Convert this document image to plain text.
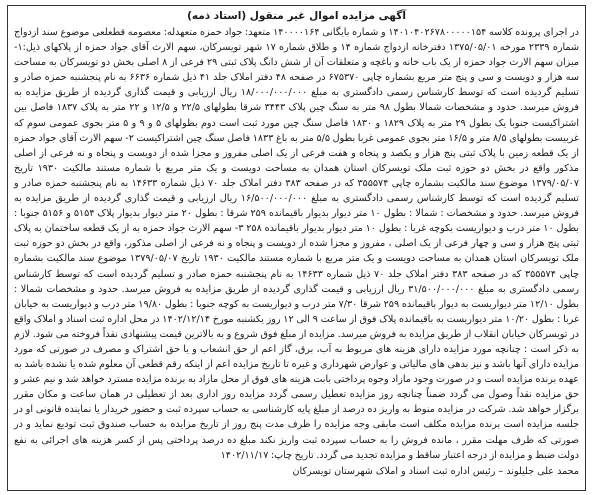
آگهی مزایده اموال غیر منقول (استاد ذمه)

در اجرای پرونده کلاسه ۱۴۰۱۰۴۰۲۶۷۸۰۰۰۰۰۱۵۴ و شماره بایگانی ۱۴۰۰۰۰۱۶۴ متعهد: جواد حمزه متعهدله: معصومه قطعلعی موضوع سند ازدواج شماره ۲۳۳۹ مورخه ۱۳۷۵/۰۵/۰۱ دفترخانه ازدواج شماره ۱۴ و طلاق شماره ۱۷ شهر تویسرکان، سهم الارث آقای جواد حمزه از پلاکهای ذیل:۱- میزان سهم الارث جواد حمزه از یک باب خانه و باغچه و متعلقات آن از شش دانگ پلاک ثبتی ۲۹ فرعی از ۸ اصلی بخش دو تویسرکان به مساحت سه هزار و دویست و سی و پنج متر مربع بشماره چاپی ۶۷۵۳۷۰ در صفحه ۴۸ دفتر املاک جلد ۴۱ ذیل شماره ۶۶۳۶ به نام پنجشنبه حمزه صادر و تسلیم گردیده است که توسط کارشناس رسمی دادگستری به مبلغ ۱۸/۰۰۰/۰۰۰/۰۰۰ ریال ارزیابی و قیمت گذاری گردیده از طریق مزایده به فروش میرسد. حدود و مشخصات شمالا بطول ۹۸ متر به سنگ چین پلاک ۳۴۴۳ شرقا بطولهای ۲۲/۵ و ۱۲/۵ و ۲۲ متر به پلاک ۱۸۳۷ فاصل بین اشتراکیست جنوبا یک بطول ۲۹ متر به پلاک ۱۸۲۹ و ۱۸۳۰ فاصل سنگ چین مورد ثبت است دوم بطولهای ۵ و ۹ و ۵ متر بجوی عمومی سوم که غربیست بطولهای ۸/۵ متر و ۱۶/۵ متر بجوی عمومی غربا بطول ۵/۵ متر به باغ ۱۸۳۳ فاصل سنگ چین اشتراکیست ۲- سهم الارث آقای جواد حمزه از یک قطعه زمین با پلاک ثبتی پنج هزار و یکصد و پنجاه و هفت فرعی از یک اصلی مفروز و مجزا شده از دویست و پنجاه و نه فرعی از اصلی مذکور واقع در بخش دو حوزه ثبت ملک تویسرکان استان همدان به مساحت دویست و یک متر مربع با شماره مستند مالکیت ۱۹۳۰ تاریخ ۱۳۷۹/۰۵/۰۷ موضوع سند مالکیت بشماره چاپی ۳۵۵۵۷۴ که در صفحه ۳۸۳ دفتر املاک جلد ۷۰ ذیل شماره ۱۴۶۳۳ به نام پنجشنبه حمزه صادر و تسلیم گردیده است که توسط کارشناس رسمی دادگستری به مبلغ ۱۶/۵۰۰/۰۰۰/۰۰۰ ریال ارزیابی و قیمت گذاری گردیده از طریق مزایده به فروش میرسد. حدود و مشخصات : شمالا : بطول ۱۰ متر دیوار بدیوار باقیمانده ۲۵۹ شرقا : بطول ۲۰ متر دیوار بدیوار پلاک ۵۱۵۴ و ۵۱۵۶ جنوبا : بطول ۱۰ متر درب و دیواریست بکوچه غربا : بطول ۱۰ متر دیوار بدیوار باقیمانده ۲۵۸ ۳- سهم الارث جواد حمزه به از یک قطعه ساختمان به پلاک ثبتی پنج هزار و سی و چهار فرعی از یک اصلی ، مفروز و مجزا شده از دویست و پنجاه و نه فرعی از اصلی مذکور، واقع در بخش دو حوزه ثبت ملک تویسرکان استان همدان به مساحت دویست و یک متر مربع با شماره مستند مالکیت ۱۹۳۰ تاریخ ۱۳۷۹/۰۵/۰۷ موضوع سند مالکیت بشماره چاپی ۳۵۵۵۷۴ که در صفحه ۳۸۳ دفتر املاک جلد ۷۰ ذیل شماره ۱۴۶۳۳ به نام پنجشنبه حمزه صادر و تسلیم گردیده است که توسط کارشناس رسمی دادگستری به مبلغ ۳۱/۵۰۰/۰۰۰/۰۰۰ ریال ارزیابی و قیمت گذاری گردیده از طریق مزایده به فروش میرسد. حدود و مشخصات شمالا : بطول ۱۲/۱۰ متر دیواریست به دیوار باقیمانده ۲۵۹ شرقا ۷/۳۰ متر درب و دیواریست به کوچه جنوبا : بطول ۱۹/۸۰ متر درب و دیواریست به خیابان غربا : بطول ۱۰/۲۰ متر دیواریست به باقیمانده پلاک فوق از ساعت ۹ الی ۱۲ روز یکشنبه مورخ ۱۴۰۲/۱۲/۱۴ در محل اداره ثبت اسناد و املاک واقع در تویسرکان خیابان انقلاب از طریق مزایده به فروش میرسد. مزایده از مبلغ فوق شروع و به بالاترین قیمت پیشنهادی نقداً فروخته می شود. لازم به ذکر است : چنانچه مورد مزایده دارای هزینه های مربوط به آب، برق، گاز اعم از حق انشعاب و یا حق اشتراک و مصرف در صورتی که مورد مزایده دارای آنها باشد و نیز بدهی های مالیاتی و عوارض شهرداری و غیره تا تاریخ مزایده اعم از اینکه رقم قطعی آن معلوم شده یا نشده باشد به عهده برنده مزایده است و در صورت وجود مازاد وجوه پرداختی بابت هزینه های فوق از محل مازاد به برنده مزایده مسترد خواهد شد و نیم عشر و حق مزایده نقداً وصول می گردد ضمناً چنانچه روز مزایده تعطیل رسمی گردد مزایده روز اداری بعد از تعطیلی در همان ساعت و مکان مقرر برگزار خواهد شد. شرکت در مزایده منوط به واریز ده درصد از مبلغ پایه کارشناسی به حساب سپرده ثبت و حضور خریدار یا نماینده قانونی او در جلسه مزایده است برنده مزایده مکلف است مابقی وجه مزایده را ظرف مدت پنج روز از تاریخ مزایده به حساب صندوق ثبت تودیع نماید و در صورتی که ظرف مهلت مقرر ، مانده فروش را به حساب سپرده ثبت واریز نکند مبلغ ده درصد پرداختی پس از کسر هزینه های اجرائی به نفع دولت ضبط و مزایده از درجه اعتبار ساقط و مزایده تجدید می گردد. تاریخ چاپ: ۱۴۰۲/۱۱/۱۷

محمد علی جلیلوند – رئیس اداره ثبت اسناد و املاک شهرستان تویسرکان
